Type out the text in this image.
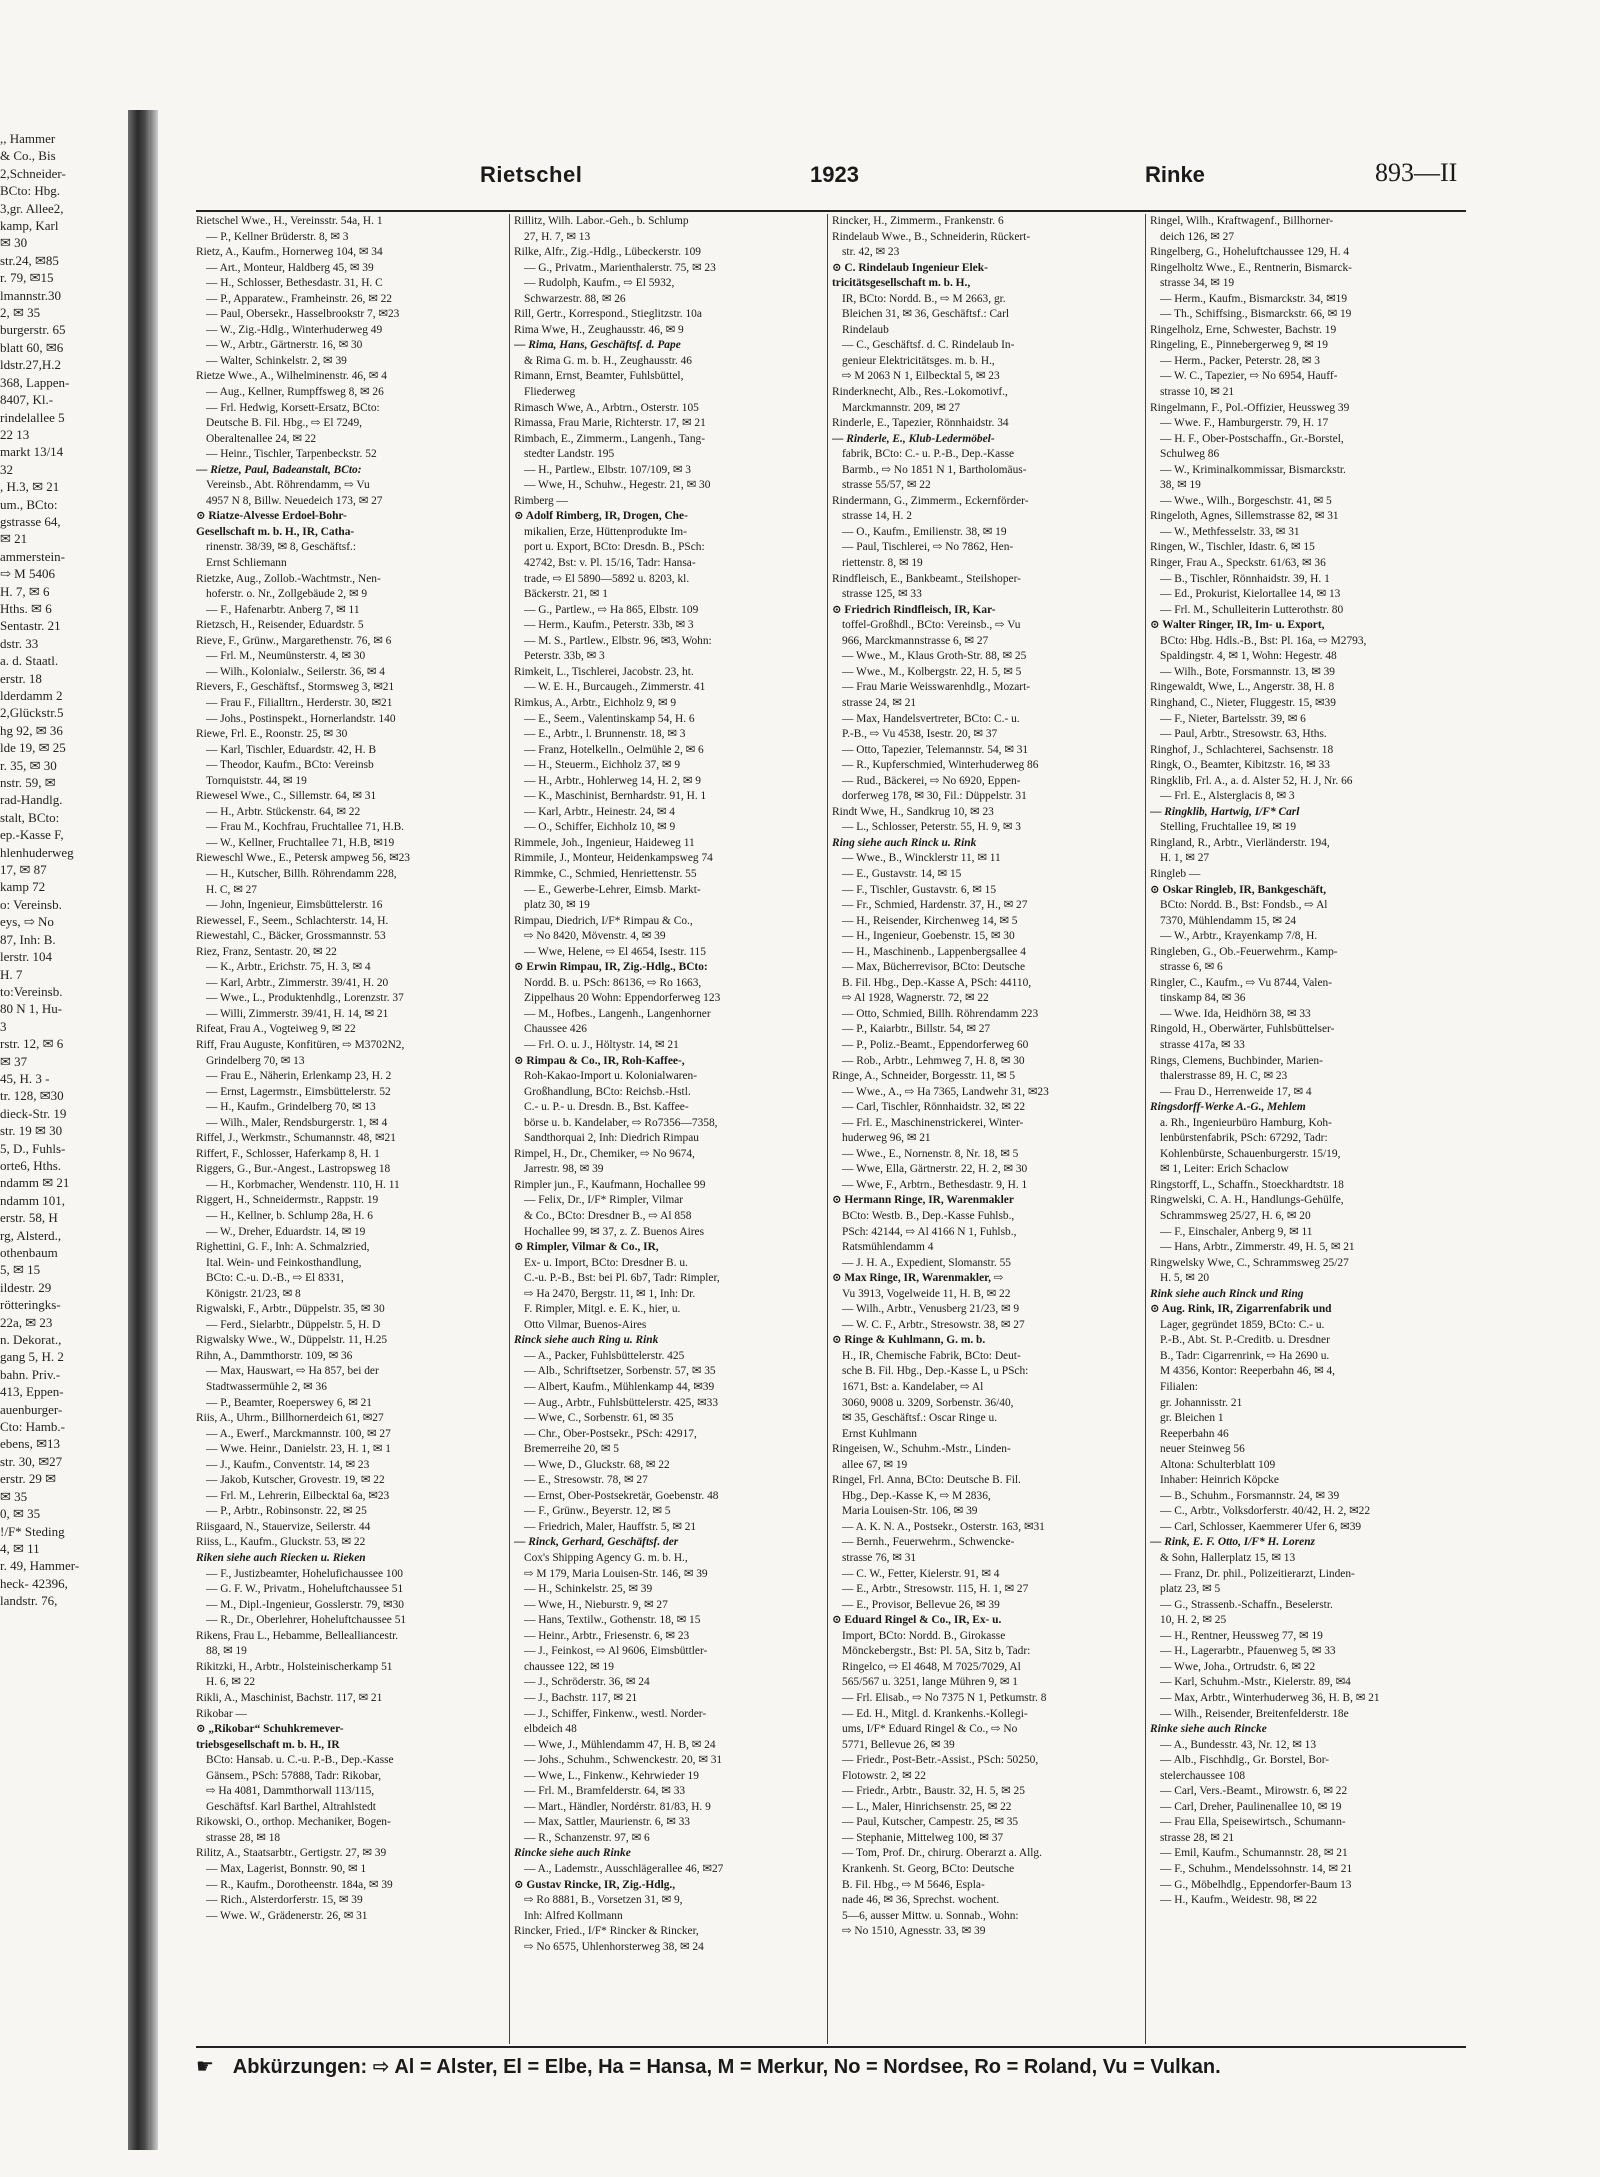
,, Hammer
& Co., Bis
2,Schneider-
BCto: Hbg.
3,gr. Allee2,
kamp, Karl
✉ 30
str.24, ✉85
r. 79, ✉15
lmannstr.30
2, ✉ 35
burgerstr. 65
blatt 60, ✉6
ldstr.27,H.2
368, Lappen-
8407, Kl.-
rindelallee 5
22 13
markt 13/14
32
, H.3, ✉ 21
um., BCto:
gstrasse 64,
✉ 21
ammerstein-
⇨ M 5406
H. 7, ✉ 6
Hths. ✉ 6
Sentastr. 21
dstr. 33
a. d. Staatl.
erstr. 18
lderdamm 2
2,Glückstr.5
hg 92, ✉ 36
lde 19, ✉ 25
r. 35, ✉ 30
nstr. 59, ✉
rad-Handlg.
stalt, BCto:
ep.-Kasse F,
hlenhuderweg
17, ✉ 87
kamp 72
o: Vereinsb.
eys, ⇨ No
87, Inh: B.
lerstr. 104
H. 7
to:Vereinsb.
80 N 1, Hu-
3
rstr. 12, ✉ 6
✉ 37
45, H. 3 -
tr. 128, ✉30
dieck-Str. 19
str. 19 ✉ 30
5, D., Fuhls-
orte6, Hths.
ndamm ✉ 21
ndamm 101,
erstr. 58, H
rg, Alsterd.,
othenbaum
5, ✉ 15
ildestr. 29
rötteringks-
22a, ✉ 23
n. Dekorat.,
gang 5, H. 2
bahn. Priv.-
413, Eppen-
auenburger-
Cto: Hamb.-
ebens, ✉13
str. 30, ✉27
erstr. 29 ✉
✉ 35
0, ✉ 35
!/F* Steding
4, ✉ 11
r. 49, Hammer-
heck- 42396,
landstr. 76,
Rietschel	1923	Rinke	893—II
Rietschel Wwe., H., Vereinsstr. 54a, H. 1
— P., Kellner Brüderstr. 8, ✉ 3
Rietz, A., Kaufm., Hornerweg 104, ✉ 34
— Art., Monteur, Haldberg 45, ✉ 39
— H., Schlosser, Bethesdastr. 31, H. C
— P., Apparatew., Framheinstr. 26, ✉ 22
— Paul, Obersekr., Hasselbrookstr 7, ✉23
— W., Zig.-Hdlg., Winterhuderweg 49
— W., Arbtr., Gärtnerstr. 16, ✉ 30
— Walter, Schinkelstr. 2, ✉ 39
Rietze Wwe., A., Wilhelminenstr. 46, ✉ 4
— Aug., Kellner, Rumpffsweg 8, ✉ 26
— Frl. Hedwig, Korsett-Ersatz, BCto:
Deutsche B. Fil. Hbg., ⇨ El 7249,
Oberaltenallee 24, ✉ 22
— Heinr., Tischler, Tarpenbeckstr. 52
— Rietze, Paul, Badeanstalt, BCto:
Vereinsb., Abt. Röhrendamm, ⇨ Vu
4957 N 8, Billw. Neuedeich 173, ✉ 27
⊙ Riatze-Alvesse Erdoel-Bohr-
Gesellschaft m. b. H., IR, Catha-
rinenstr. 38/39, ✉ 8, Geschäftsf.:
Ernst Schliemann
Rietzke, Aug., Zollob.-Wachtmstr., Nen-
hoferstr. o. Nr., Zollgebäude 2, ✉ 9
— F., Hafenarbtr. Anberg 7, ✉ 11
Rietzsch, H., Reisender, Eduardstr. 5
Rieve, F., Grünw., Margarethenstr. 76, ✉ 6
— Frl. M., Neumünsterstr. 4, ✉ 30
— Wilh., Kolonialw., Seilerstr. 36, ✉ 4
Rievers, F., Geschäftsf., Stormsweg 3, ✉21
— Frau F., Filialltrn., Herderstr. 30, ✉21
— Johs., Postinspekt., Hornerlandstr. 140
Riewe, Frl. E., Roonstr. 25, ✉ 30
— Karl, Tischler, Eduardstr. 42, H. B
— Theodor, Kaufm., BCto: Vereinsb
Tornquiststr. 44, ✉ 19
Riewesel Wwe., C., Sillemstr. 64, ✉ 31
— H., Arbtr. Stückenstr. 64, ✉ 22
— Frau M., Kochfrau, Fruchtallee 71, H.B.
— W., Kellner, Fruchtallee 71, H.B, ✉19
Rieweschl Wwe., E., Petersk ampweg 56, ✉23
— H., Kutscher, Billh. Röhrendamm 228,
H. C, ✉ 27
— John, Ingenieur, Eimsbüttelerstr. 16
Riewessel, F., Seem., Schlachterstr. 14, H.
Riewestahl, C., Bäcker, Grossmannstr. 53
Riez, Franz, Sentastr. 20, ✉ 22
— K., Arbtr., Erichstr. 75, H. 3, ✉ 4
— Karl, Arbtr., Zimmerstr. 39/41, H. 20
— Wwe., L., Produktenhdlg., Lorenzstr. 37
— Willi, Zimmerstr. 39/41, H. 14, ✉ 21
Rifeat, Frau A., Vogteiweg 9, ✉ 22
Riff, Frau Auguste, Konfitüren, ⇨ M3702N2,
Grindelberg 70, ✉ 13
— Frau E., Näherin, Erlenkamp 23, H. 2
— Ernst, Lagermstr., Eimsbüttelerstr. 52
— H., Kaufm., Grindelberg 70, ✉ 13
— Wilh., Maler, Rendsburgerstr. 1, ✉ 4
Riffel, J., Werkmstr., Schumannstr. 48, ✉21
Riffert, F., Schlosser, Haferkamp 8, H. 1
Riggers, G., Bur.-Angest., Lastropsweg 18
— H., Korbmacher, Wendenstr. 110, H. 11
Riggert, H., Schneidermstr., Rappstr. 19
— H., Kellner, b. Schlump 28a, H. 6
— W., Dreher, Eduardstr. 14, ✉ 19
Righettini, G. F., Inh: A. Schmalzried,
Ital. Wein- und Feinkosthandlung,
BCto: C.-u. D.-B., ⇨ El 8331,
Königstr. 21/23, ✉ 8
Rigwalski, F., Arbtr., Düppelstr. 35, ✉ 30
— Ferd., Sielarbtr., Düppelstr. 5, H. D
Rigwalsky Wwe., W., Düppelstr. 11, H.25
Rihn, A., Dammthorstr. 109, ✉ 36
— Max, Hauswart, ⇨ Ha 857, bei der
Stadtwassermühle 2, ✉ 36
— P., Beamter, Roeperswey 6, ✉ 21
Riis, A., Uhrm., Billhornerdeich 61, ✉27
— A., Ewerf., Marckmannstr. 100, ✉ 27
— Wwe. Heinr., Danielstr. 23, H. 1, ✉ 1
— J., Kaufm., Conventstr. 14, ✉ 23
— Jakob, Kutscher, Grovestr. 19, ✉ 22
— Frl. M., Lehrerin, Eilbecktal 6a, ✉23
— P., Arbtr., Robinsonstr. 22, ✉ 25
Riisgaard, N., Stauervize, Seilerstr. 44
Riiss, L., Kaufm., Gluckstr. 53, ✉ 22
Riken siehe auch Riecken u. Rieken
— F., Justizbeamter, Hohelufichaussee 100
— G. F. W., Privatm., Hoheluftchaussee 51
— M., Dipl.-Ingenieur, Gosslerstr. 79, ✉30
— R., Dr., Oberlehrer, Hoheluftchaussee 51
Rikens, Frau L., Hebamme, Bellealliancestr.
88, ✉ 19
Rikitzki, H., Arbtr., Holsteinischerkamp 51
H. 6, ✉ 22
Rikli, A., Maschinist, Bachstr. 117, ✉ 21
Rikobar —
⊙ „Rikobar“ Schuhkremever-
triebsgesellschaft m. b. H., IR
BCto: Hansab. u. C.-u. P.-B., Dep.-Kasse
Gänsem., PSch: 57888, Tadr: Rikobar,
⇨ Ha 4081, Dammthorwall 113/115,
Geschäftsf. Karl Barthel, Altrahlstedt
Rikowski, O., orthop. Mechaniker, Bogen-
strasse 28, ✉ 18
Rilitz, A., Staatsarbtr., Gertigstr. 27, ✉ 39
— Max, Lagerist, Bonnstr. 90, ✉ 1
— R., Kaufm., Dorotheenstr. 184a, ✉ 39
— Rich., Alsterdorferstr. 15, ✉ 39
— Wwe. W., Grädenerstr. 26, ✉ 31
Rillitz, Wilh. Labor.-Geh., b. Schlump
27, H. 7, ✉ 13
Rilke, Alfr., Zig.-Hdlg., Lübeckerstr. 109
— G., Privatm., Marienthalerstr. 75, ✉ 23
— Rudolph, Kaufm., ⇨ El 5932,
Schwarzestr. 88, ✉ 26
Rill, Gertr., Korrespond., Stieglitzstr. 10a
Rima Wwe, H., Zeughausstr. 46, ✉ 9
— Rima, Hans, Geschäftsf. d. Pape
& Rima G. m. b. H., Zeughausstr. 46
Rimann, Ernst, Beamter, Fuhlsbüttel,
Fliederweg
Rimasch Wwe, A., Arbtrn., Osterstr. 105
Rimassa, Frau Marie, Richterstr. 17, ✉ 21
Rimbach, E., Zimmerm., Langenh., Tang-
stedter Landstr. 195
— H., Partlew., Elbstr. 107/109, ✉ 3
— Wwe, H., Schuhw., Hegestr. 21, ✉ 30
Rimberg —
⊙ Adolf Rimberg, IR, Drogen, Che-
mikalien, Erze, Hüttenprodukte Im-
port u. Export, BCto: Dresdn. B., PSch:
42742, Bst: v. Pl. 15/16, Tadr: Hansa-
trade, ⇨ El 5890—5892 u. 8203, kl.
Bäckerstr. 21, ✉ 1
— G., Partlew., ⇨ Ha 865, Elbstr. 109
— Herm., Kaufm., Peterstr. 33b, ✉ 3
— M. S., Partlew., Elbstr. 96, ✉3, Wohn:
Peterstr. 33b, ✉ 3
Rimkeit, L., Tischlerei, Jacobstr. 23, ht.
— W. E. H., Burcaugeh., Zimmerstr. 41
Rimkus, A., Arbtr., Eichholz 9, ✉ 9
— E., Seem., Valentinskamp 54, H. 6
— E., Arbtr., l. Brunnenstr. 18, ✉ 3
— Franz, Hotelkelln., Oelmühle 2, ✉ 6
— H., Steuerm., Eichholz 37, ✉ 9
— H., Arbtr., Hohlerweg 14, H. 2, ✉ 9
— K., Maschinist, Bernhardstr. 91, H. 1
— Karl, Arbtr., Heinestr. 24, ✉ 4
— O., Schiffer, Eichholz 10, ✉ 9
Rimmele, Joh., Ingenieur, Haideweg 11
Rimmile, J., Monteur, Heidenkampsweg 74
Rimmke, C., Schmied, Henriettenstr. 55
— E., Gewerbe-Lehrer, Eimsb. Markt-
platz 30, ✉ 19
Rimpau, Diedrich, I/F* Rimpau & Co.,
⇨ No 8420, Mövenstr. 4, ✉ 39
— Wwe, Helene, ⇨ El 4654, Isestr. 115
⊙ Erwin Rimpau, IR, Zig.-Hdlg., BCto:
Nordd. B. u. PSch: 86136, ⇨ Ro 1663,
Zippelhaus 20 Wohn: Eppendorferweg 123
— M., Hofbes., Langenh., Langenhorner
Chaussee 426
— Frl. O. u. J., Höltystr. 14, ✉ 21
⊙ Rimpau & Co., IR, Roh-Kaffee-,
Roh-Kakao-Import u. Kolonialwaren-
Großhandlung, BCto: Reichsb.-Hstl.
C.- u. P.- u. Dresdn. B., Bst. Kaffee-
börse u. b. Kandelaber, ⇨ Ro7356—7358,
Sandthorquai 2, Inh: Diedrich Rimpau
Rimpel, H., Dr., Chemiker, ⇨ No 9674,
Jarrestr. 98, ✉ 39
Rimpler jun., F., Kaufmann, Hochallee 99
— Felix, Dr., I/F* Rimpler, Vilmar
& Co., BCto: Dresdner B., ⇨ Al 858
Hochallee 99, ✉ 37, z. Z. Buenos Aires
⊙ Rimpler, Vilmar & Co., IR,
Ex- u. Import, BCto: Dresdner B. u.
C.-u. P.-B., Bst: bei Pl. 6b7, Tadr: Rimpler,
⇨ Ha 2470, Bergstr. 11, ✉ 1, Inh: Dr.
F. Rimpler, Mitgl. e. E. K., hier, u.
Otto Vilmar, Buenos-Aires
Rinck siehe auch Ring u. Rink
— A., Packer, Fuhlsbüttelerstr. 425
— Alb., Schriftsetzer, Sorbenstr. 57, ✉ 35
— Albert, Kaufm., Mühlenkamp 44, ✉39
— Aug., Arbtr., Fuhlsbüttelerstr. 425, ✉33
— Wwe, C., Sorbenstr. 61, ✉ 35
— Chr., Ober-Postsekr., PSch: 42917,
Bremerreihe 20, ✉ 5
— Wwe, D., Gluckstr. 68, ✉ 22
— E., Stresowstr. 78, ✉ 27
— Ernst, Ober-Postsekretär, Goebenstr. 48
— F., Grünw., Beyerstr. 12, ✉ 5
— Friedrich, Maler, Hauffstr. 5, ✉ 21
— Rinck, Gerhard, Geschäftsf. der
Cox's Shipping Agency G. m. b. H.,
⇨ M 179, Maria Louisen-Str. 146, ✉ 39
— H., Schinkelstr. 25, ✉ 39
— Wwe, H., Nieburstr. 9, ✉ 27
— Hans, Textilw., Gothenstr. 18, ✉ 15
— Heinr., Arbtr., Friesenstr. 6, ✉ 23
— J., Feinkost, ⇨ Al 9606, Eimsbüttler-
chaussee 122, ✉ 19
— J., Schröderstr. 36, ✉ 24
— J., Bachstr. 117, ✉ 21
— J., Schiffer, Finkenw., westl. Norder-
elbdeich 48
— Wwe, J., Mühlendamm 47, H. B, ✉ 24
— Johs., Schuhm., Schwenckestr. 20, ✉ 31
— Wwe, L., Finkenw., Kehrwieder 19
— Frl. M., Bramfelderstr. 64, ✉ 33
— Mart., Händler, Nordérstr. 81/83, H. 9
— Max, Sattler, Maurienstr. 6, ✉ 33
— R., Schanzenstr. 97, ✉ 6
Rincke siehe auch Rinke
— A., Lademstr., Ausschlägerallee 46, ✉27
⊙ Gustav Rincke, IR, Zig.-Hdlg.,
⇨ Ro 8881, B., Vorsetzen 31, ✉ 9,
Inh: Alfred Kollmann
Rincker, Fried., I/F* Rincker & Rincker,
⇨ No 6575, Uhlenhorsterweg 38, ✉ 24
Rincker, H., Zimmerm., Frankenstr. 6
Rindelaub Wwe., B., Schneiderin, Rückert-
str. 42, ✉ 23
⊙ C. Rindelaub Ingenieur Elek-
tricitätsgesellschaft m. b. H.,
IR, BCto: Nordd. B., ⇨ M 2663, gr.
Bleichen 31, ✉ 36, Geschäftsf.: Carl
Rindelaub
— C., Geschäftsf. d. C. Rindelaub In-
genieur Elektricitätsges. m. b. H.,
⇨ M 2063 N 1, Eilbecktal 5, ✉ 23
Rinderknecht, Alb., Res.-Lokomotivf.,
Marckmannstr. 209, ✉ 27
Rinderle, E., Tapezier, Rönnhaidstr. 34
— Rinderle, E., Klub-Ledermöbel-
fabrik, BCto: C.- u. P.-B., Dep.-Kasse
Barmb., ⇨ No 1851 N 1, Bartholomäus-
strasse 55/57, ✉ 22
Rindermann, G., Zimmerm., Eckernförder-
strasse 14, H. 2
— O., Kaufm., Emilienstr. 38, ✉ 19
— Paul, Tischlerei, ⇨ No 7862, Hen-
riettenstr. 8, ✉ 19
Rindfleisch, E., Bankbeamt., Steilshoper-
strasse 125, ✉ 33
⊙ Friedrich Rindfleisch, IR, Kar-
toffel-Großhdl., BCto: Vereinsb., ⇨ Vu
966, Marckmannstrasse 6, ✉ 27
— Wwe., M., Klaus Groth-Str. 88, ✉ 25
— Wwe., M., Kolbergstr. 22, H. 5, ✉ 5
— Frau Marie Weisswarenhdlg., Mozart-
strasse 24, ✉ 21
— Max, Handelsvertreter, BCto: C.- u.
P.-B., ⇨ Vu 4538, Isestr. 20, ✉ 37
— Otto, Tapezier, Telemannstr. 54, ✉ 31
— R., Kupferschmied, Winterhuderweg 86
— Rud., Bäckerei, ⇨ No 6920, Eppen-
dorferweg 178, ✉ 30, Fil.: Düppelstr. 31
Rindt Wwe, H., Sandkrug 10, ✉ 23
— L., Schlosser, Peterstr. 55, H. 9, ✉ 3
Ring siehe auch Rinck u. Rink
— Wwe., B., Wincklerstr 11, ✉ 11
— E., Gustavstr. 14, ✉ 15
— F., Tischler, Gustavstr. 6, ✉ 15
— Fr., Schmied, Hardenstr. 37, H., ✉ 27
— H., Reisender, Kirchenweg 14, ✉ 5
— H., Ingenieur, Goebenstr. 15, ✉ 30
— H., Maschinenb., Lappenbergsallee 4
— Max, Bücherrevisor, BCto: Deutsche
B. Fil. Hbg., Dep.-Kasse A, PSch: 44110,
⇨ Al 1928, Wagnerstr. 72, ✉ 22
— Otto, Schmied, Billh. Röhrendamm 223
— P., Kaiarbtr., Billstr. 54, ✉ 27
— P., Poliz.-Beamt., Eppendorferweg 60
— Rob., Arbtr., Lehmweg 7, H. 8, ✉ 30
Ringe, A., Schneider, Borgesstr. 11, ✉ 5
— Wwe., A., ⇨ Ha 7365, Landwehr 31, ✉23
— Carl, Tischler, Rönnhaidstr. 32, ✉ 22
— Frl. E., Maschinenstrickerei, Winter-
huderweg 96, ✉ 21
— Wwe., E., Nornenstr. 8, Nr. 18, ✉ 5
— Wwe, Ella, Gärtnerstr. 22, H. 2, ✉ 30
— Wwe, F., Arbtrn., Bethesdastr. 9, H. 1
⊙ Hermann Ringe, IR, Warenmakler
BCto: Westb. B., Dep.-Kasse Fuhlsb.,
PSch: 42144, ⇨ Al 4166 N 1, Fuhlsb.,
Ratsmühlendamm 4
— J. H. A., Expedient, Slomanstr. 55
⊙ Max Ringe, IR, Warenmakler, ⇨
Vu 3913, Vogelweide 11, H. B, ✉ 22
— Wilh., Arbtr., Venusberg 21/23, ✉ 9
— W. C. F., Arbtr., Stresowstr. 38, ✉ 27
⊙ Ringe & Kuhlmann, G. m. b.
H., IR, Chemische Fabrik, BCto: Deut-
sche B. Fil. Hbg., Dep.-Kasse L, u PSch:
1671, Bst: a. Kandelaber, ⇨ Al
3060, 9008 u. 3209, Sorbenstr. 36/40,
✉ 35, Geschäftsf.: Oscar Ringe u.
Ernst Kuhlmann
Ringeisen, W., Schuhm.-Mstr., Linden-
allee 67, ✉ 19
Ringel, Frl. Anna, BCto: Deutsche B. Fil.
Hbg., Dep.-Kasse K, ⇨ M 2836,
Maria Louisen-Str. 106, ✉ 39
— A. K. N. A., Postsekr., Osterstr. 163, ✉31
— Bernh., Feuerwehrm., Schwencke-
strasse 76, ✉ 31
— C. W., Fetter, Kielerstr. 91, ✉ 4
— E., Arbtr., Stresowstr. 115, H. 1, ✉ 27
— E., Provisor, Bellevue 26, ✉ 39
⊙ Eduard Ringel & Co., IR, Ex- u.
Import, BCto: Nordd. B., Girokasse
Mönckebergstr., Bst: Pl. 5A, Sitz b, Tadr:
Ringelco, ⇨ El 4648, M 7025/7029, Al
565/567 u. 3251, lange Mühren 9, ✉ 1
— Frl. Elisab., ⇨ No 7375 N 1, Petkumstr. 8
— Ed. H., Mitgl. d. Krankenhs.-Kollegi-
ums, I/F* Eduard Ringel & Co., ⇨ No
5771, Bellevue 26, ✉ 39
— Friedr., Post-Betr.-Assist., PSch: 50250,
Flotowstr. 2, ✉ 22
— Friedr., Arbtr., Baustr. 32, H. 5, ✉ 25
— L., Maler, Hinrichsenstr. 25, ✉ 22
— Paul, Kutscher, Campestr. 25, ✉ 35
— Stephanie, Mittelweg 100, ✉ 37
— Tom, Prof. Dr., chirurg. Oberarzt a. Allg.
Krankenh. St. Georg, BCto: Deutsche
B. Fil. Hbg., ⇨ M 5646, Espla-
nade 46, ✉ 36, Sprechst. wochent.
5—6, ausser Mittw. u. Sonnab., Wohn:
⇨ No 1510, Agnesstr. 33, ✉ 39
Ringel, Wilh., Kraftwagenf., Billhorner-
deich 126, ✉ 27
Ringelberg, G., Hoheluftchaussee 129, H. 4
Ringelholtz Wwe., E., Rentnerin, Bismarck-
strasse 34, ✉ 19
— Herm., Kaufm., Bismarckstr. 34, ✉19
— Th., Schiffsing., Bismarckstr. 66, ✉ 19
Ringelholz, Erne, Schwester, Bachstr. 19
Ringeling, E., Pinnebergerweg 9, ✉ 19
— Herm., Packer, Peterstr. 28, ✉ 3
— W. C., Tapezier, ⇨ No 6954, Hauff-
strasse 10, ✉ 21
Ringelmann, F., Pol.-Offizier, Heussweg 39
— Wwe. F., Hamburgerstr. 79, H. 17
— H. F., Ober-Postschaffn., Gr.-Borstel,
Schulweg 86
— W., Kriminalkommissar, Bismarckstr.
38, ✉ 19
— Wwe., Wilh., Borgeschstr. 41, ✉ 5
Ringeloth, Agnes, Sillemstrasse 82, ✉ 31
— W., Methfesselstr. 33, ✉ 31
Ringen, W., Tischler, Idastr. 6, ✉ 15
Ringer, Frau A., Speckstr. 61/63, ✉ 36
— B., Tischler, Rönnhaidstr. 39, H. 1
— Ed., Prokurist, Kielortallee 14, ✉ 13
— Frl. M., Schulleiterin Lutterothstr. 80
⊙ Walter Ringer, IR, Im- u. Export,
BCto: Hbg. Hdls.-B., Bst: Pl. 16a, ⇨ M2793,
Spaldingstr. 4, ✉ 1, Wohn: Hegestr. 48
— Wilh., Bote, Forsmannstr. 13, ✉ 39
Ringewaldt, Wwe, L., Angerstr. 38, H. 8
Ringhand, C., Nieter, Fluggestr. 15, ✉39
— F., Nieter, Bartelsstr. 39, ✉ 6
— Paul, Arbtr., Stresowstr. 63, Hths.
Ringhof, J., Schlachterei, Sachsenstr. 18
Ringk, O., Beamter, Kibitzstr. 16, ✉ 33
Ringklib, Frl. A., a. d. Alster 52, H. J, Nr. 66
— Frl. E., Alsterglacis 8, ✉ 3
— Ringklib, Hartwig, I/F* Carl
Stelling, Fruchtallee 19, ✉ 19
Ringland, R., Arbtr., Vierländerstr. 194,
H. 1, ✉ 27
Ringleb —
⊙ Oskar Ringleb, IR, Bankgeschäft,
BCto: Nordd. B., Bst: Fondsb., ⇨ Al
7370, Mühlendamm 15, ✉ 24
— W., Arbtr., Krayenkamp 7/8, H.
Ringleben, G., Ob.-Feuerwehrm., Kamp-
strasse 6, ✉ 6
Ringler, C., Kaufm., ⇨ Vu 8744, Valen-
tinskamp 84, ✉ 36
— Wwe. Ida, Heidhörn 38, ✉ 33
Ringold, H., Oberwärter, Fuhlsbüttelser-
strasse 417a, ✉ 33
Rings, Clemens, Buchbinder, Marien-
thalerstrasse 89, H. C, ✉ 23
— Frau D., Herrenweide 17, ✉ 4
Ringsdorff-Werke A.-G., Mehlem
a. Rh., Ingenieurbüro Hamburg, Koh-
lenbürstenfabrik, PSch: 67292, Tadr:
Kohlenbürste, Schauenburgerstr. 15/19,
✉ 1, Leiter: Erich Schaclow
Ringstorff, L., Schaffn., Stoeckhardtstr. 18
Ringwelski, C. A. H., Handlungs-Gehülfe,
Schrammsweg 25/27, H. 6, ✉ 20
— F., Einschaler, Anberg 9, ✉ 11
— Hans, Arbtr., Zimmerstr. 49, H. 5, ✉ 21
Ringwelsky Wwe, C., Schrammsweg 25/27
H. 5, ✉ 20
Rink siehe auch Rinck und Ring
⊙ Aug. Rink, IR, Zigarrenfabrik und
Lager, gegründet 1859, BCto: C.- u.
P.-B., Abt. St. P.-Creditb. u. Dresdner
B., Tadr: Cigarrenrink, ⇨ Ha 2690 u.
M 4356, Kontor: Reeperbahn 46, ✉ 4,
Filialen:
gr. Johannisstr. 21
gr. Bleichen 1
Reeperbahn 46
neuer Steinweg 56
Altona: Schulterblatt 109
Inhaber: Heinrich Köpcke
— B., Schuhm., Forsmannstr. 24, ✉ 39
— C., Arbtr., Volksdorferstr. 40/42, H. 2, ✉22
— Carl, Schlosser, Kaemmerer Ufer 6, ✉39
— Rink, E. F. Otto, I/F* H. Lorenz
& Sohn, Hallerplatz 15, ✉ 13
— Franz, Dr. phil., Polizeitierarzt, Linden-
platz 23, ✉ 5
— G., Strassenb.-Schaffn., Beselerstr.
10, H. 2, ✉ 25
— H., Rentner, Heussweg 77, ✉ 19
— H., Lagerarbtr., Pfauenweg 5, ✉ 33
— Wwe, Joha., Ortrudstr. 6, ✉ 22
— Karl, Schuhm.-Mstr., Kielerstr. 89, ✉4
— Max, Arbtr., Winterhuderweg 36, H. B, ✉ 21
— Wilh., Reisender, Breitenfelderstr. 18e
Rinke siehe auch Rincke
— A., Bundesstr. 43, Nr. 12, ✉ 13
— Alb., Fischhdlg., Gr. Borstel, Bor-
stelerchaussee 108
— Carl, Vers.-Beamt., Mirowstr. 6, ✉ 22
— Carl, Dreher, Paulinenallee 10, ✉ 19
— Frau Ella, Speisewirtsch., Schumann-
strasse 28, ✉ 21
— Emil, Kaufm., Schumannstr. 28, ✉ 21
— F., Schuhm., Mendelssohnstr. 14, ✉ 21
— G., Möbelhdlg., Eppendorfer-Baum 13
— H., Kaufm., Weidestr. 98, ✉ 22
☛ Abkürzungen: ⇨ Al = Alster, El = Elbe, Ha = Hansa, M = Merkur, No = Nordsee, Ro = Roland, Vu = Vulkan.
